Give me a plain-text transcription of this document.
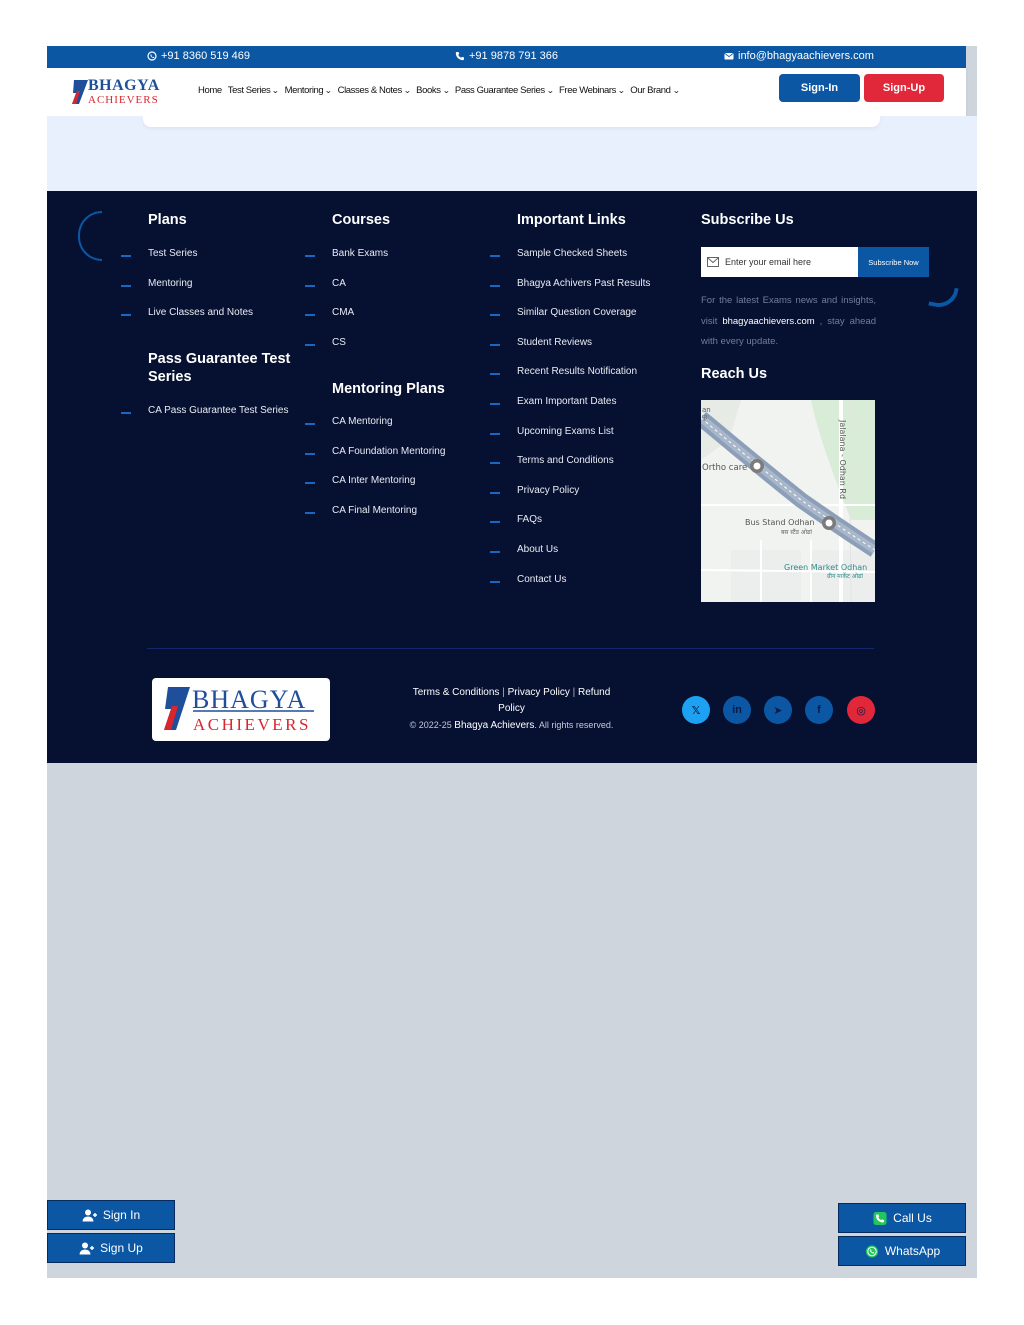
+91 8360 519 469	+91 9878 791 366	info@bhagyaachievers.com
BHAGYA
ACHIEVERS
Home Test Series ⌄ Mentoring ⌄ Classes & Notes ⌄ Books ⌄ Pass Guarantee Series ⌄ Free Webinars ⌄ Our Brand ⌄	Sign-In	Sign-Up
Plans
Test Series
Mentoring
Live Classes and Notes
Pass Guarantee Test Series
CA Pass Guarantee Test Series
Courses
Bank Exams
CA
CMA
CS
Mentoring Plans
CA Mentoring
CA Foundation Mentoring
CA Inter Mentoring
CA Final Mentoring
Important Links
Sample Checked Sheets
Bhagya Achivers Past Results
Similar Question Coverage
Student Reviews
Recent Results Notification
Exam Important Dates
Upcoming Exams List
Terms and Conditions
Privacy Policy
FAQs
About Us
Contact Us
Subscribe Us
Enter your email here	Subscribe Now
For the latest Exams news and insights, visit bhagyaachievers.com , stay ahead with every update.
Reach Us
Ortho care
Bus Stand Odhan
बस स्टैंड ओढां
Green Market Odhan
ग्रीन मार्केट ओढां
an
पुर
Jalalana - Odhan Rd
BHAGYA
ACHIEVERS
Terms & Conditions | Privacy Policy | Refund Policy
© 2022-25 Bhagya Achievers. All rights reserved.
𝕏	in	➤	f	◎
Sign In
Sign Up
Call Us
WhatsApp
